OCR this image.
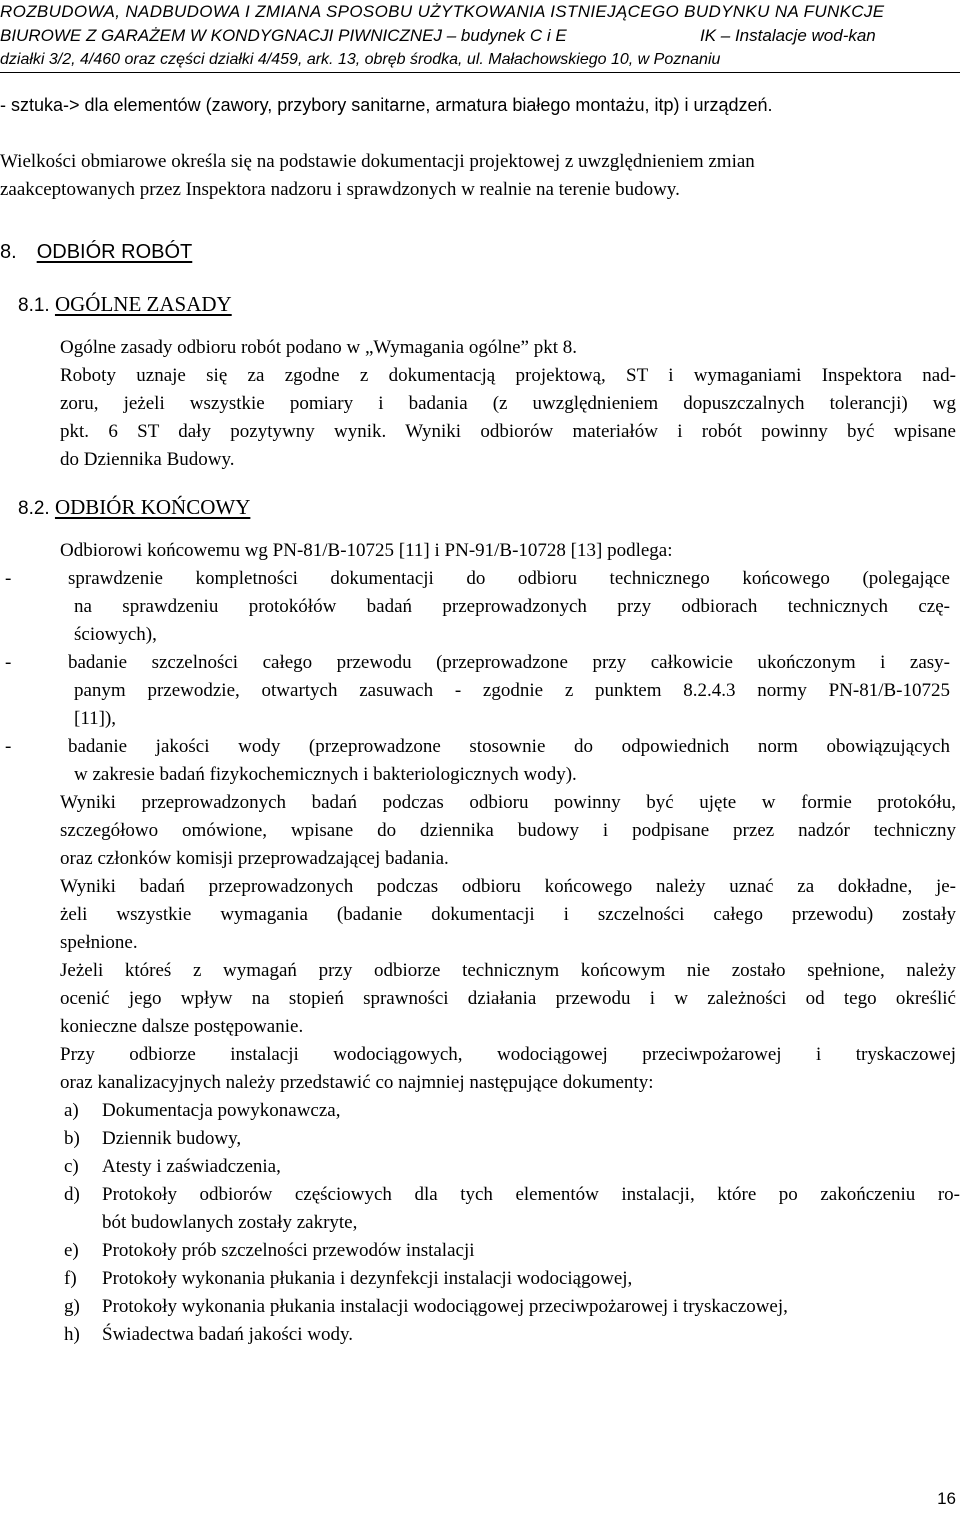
ROZBUDOWA, NADBUDOWA I ZMIANA SPOSOBU UŻYTKOWANIA ISTNIEJĄCEGO BUDYNKU NA FUNKCJE
BIUROWE Z GARAŻEM W KONDYGNACJI PIWNICZNEJ – budynek C i E	IK – Instalacje wod-kan
działki 3/2, 4/460 oraz części działki 4/459, ark. 13, obręb środka, ul. Małachowskiego 10, w Poznaniu
- sztuka-> dla elementów (zawory, przybory sanitarne, armatura białego montażu, itp) i urządzeń.
Wielkości obmiarowe określa się na podstawie dokumentacji projektowej z uwzględnieniem zmian
zaakceptowanych przez Inspektora nadzoru i sprawdzonych w realnie na terenie budowy.
8. ODBIÓR ROBÓT
8.1. OGÓLNE ZASADY
Ogólne zasady odbioru robót podano w „Wymagania ogólne” pkt 8.
Roboty uznaje się za zgodne z dokumentacją projektową, ST i wymaganiami Inspektora nad-
zoru, jeżeli wszystkie pomiary i badania (z uwzględnieniem dopuszczalnych tolerancji) wg
pkt. 6 ST dały pozytywny wynik. Wyniki odbiorów materiałów i robót powinny być wpisane
do Dziennika Budowy.
8.2. ODBIÓR KOŃCOWY
Odbiorowi końcowemu wg PN-81/B-10725 [11] i PN-91/B-10728 [13] podlega:
-	sprawdzenie kompletności dokumentacji do odbioru technicznego końcowego (polegające
na sprawdzeniu protokółów badań przeprowadzonych przy odbiorach technicznych czę-
ściowych),
-	badanie szczelności całego przewodu (przeprowadzone przy całkowicie ukończonym i zasy-
panym przewodzie, otwartych zasuwach - zgodnie z punktem 8.2.4.3 normy PN-81/B-10725
[11]),
-	badanie jakości wody (przeprowadzone stosownie do odpowiednich norm obowiązujących
w zakresie badań fizykochemicznych i bakteriologicznych wody).
Wyniki przeprowadzonych badań podczas odbioru powinny być ujęte w formie protokółu,
szczegółowo omówione, wpisane do dziennika budowy i podpisane przez nadzór techniczny
oraz członków komisji przeprowadzającej badania.
Wyniki badań przeprowadzonych podczas odbioru końcowego należy uznać za dokładne, je-
żeli wszystkie wymagania (badanie dokumentacji i szczelności całego przewodu) zostały
spełnione.
Jeżeli któreś z wymagań przy odbiorze technicznym końcowym nie zostało spełnione, należy
ocenić jego wpływ na stopień sprawności działania przewodu i w zależności od tego określić
konieczne dalsze postępowanie.
Przy odbiorze instalacji wodociągowych, wodociągowej przeciwpożarowej i tryskaczowej
oraz kanalizacyjnych należy przedstawić co najmniej następujące dokumenty:
a) Dokumentacja powykonawcza,
b) Dziennik budowy,
c) Atesty i zaświadczenia,
d) Protokoły odbiorów częściowych dla tych elementów instalacji, które po zakończeniu ro-
bót budowlanych zostały zakryte,
e) Protokoły prób szczelności przewodów instalacji
f) Protokoły wykonania płukania i dezynfekcji instalacji wodociągowej,
g) Protokoły wykonania płukania instalacji wodociągowej przeciwpożarowej i tryskaczowej,
h) Świadectwa badań jakości wody.
16
